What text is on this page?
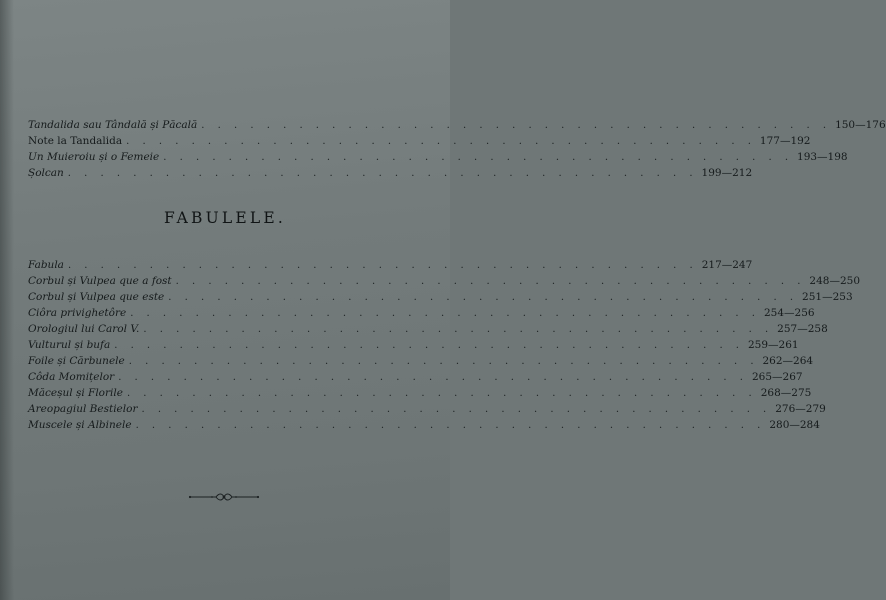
Tandalida sau Tândală și Păcală . . . . . . . . . . . . . . . . . . . . . . . . . . . . . . . . . . . . . . . 150—176
Note la Tandalida . . . . . . . . . . . . . . . . . . . . . . . . . . . . . . . . . . . . . . . 177—192
Un Muieroiu și o Femeie . . . . . . . . . . . . . . . . . . . . . . . . . . . . . . . . . . . . . . . 193—198
Șolcan . . . . . . . . . . . . . . . . . . . . . . . . . . . . . . . . . . . . . . . 199—212
FABULELE.
Fabula . . . . . . . . . . . . . . . . . . . . . . . . . . . . . . . . . . . . . . . 217—247
Corbul și Vulpea que a fost . . . . . . . . . . . . . . . . . . . . . . . . . . . . . . . . . . . . . . . 248—250
Corbul și Vulpea que este . . . . . . . . . . . . . . . . . . . . . . . . . . . . . . . . . . . . . . . 251—253
Ciôra privighetôre . . . . . . . . . . . . . . . . . . . . . . . . . . . . . . . . . . . . . . . 254—256
Orologiul lui Carol V. . . . . . . . . . . . . . . . . . . . . . . . . . . . . . . . . . . . . . . . 257—258
Vulturul și bufa . . . . . . . . . . . . . . . . . . . . . . . . . . . . . . . . . . . . . . . 259—261
Foile și Cărbunele . . . . . . . . . . . . . . . . . . . . . . . . . . . . . . . . . . . . . . . 262—264
Côda Momițelor . . . . . . . . . . . . . . . . . . . . . . . . . . . . . . . . . . . . . . . 265—267
Măceșul și Florile . . . . . . . . . . . . . . . . . . . . . . . . . . . . . . . . . . . . . . . 268—275
Areopagiul Bestielor . . . . . . . . . . . . . . . . . . . . . . . . . . . . . . . . . . . . . . . 276—279
Muscele și Albinele . . . . . . . . . . . . . . . . . . . . . . . . . . . . . . . . . . . . . . . 280—284
